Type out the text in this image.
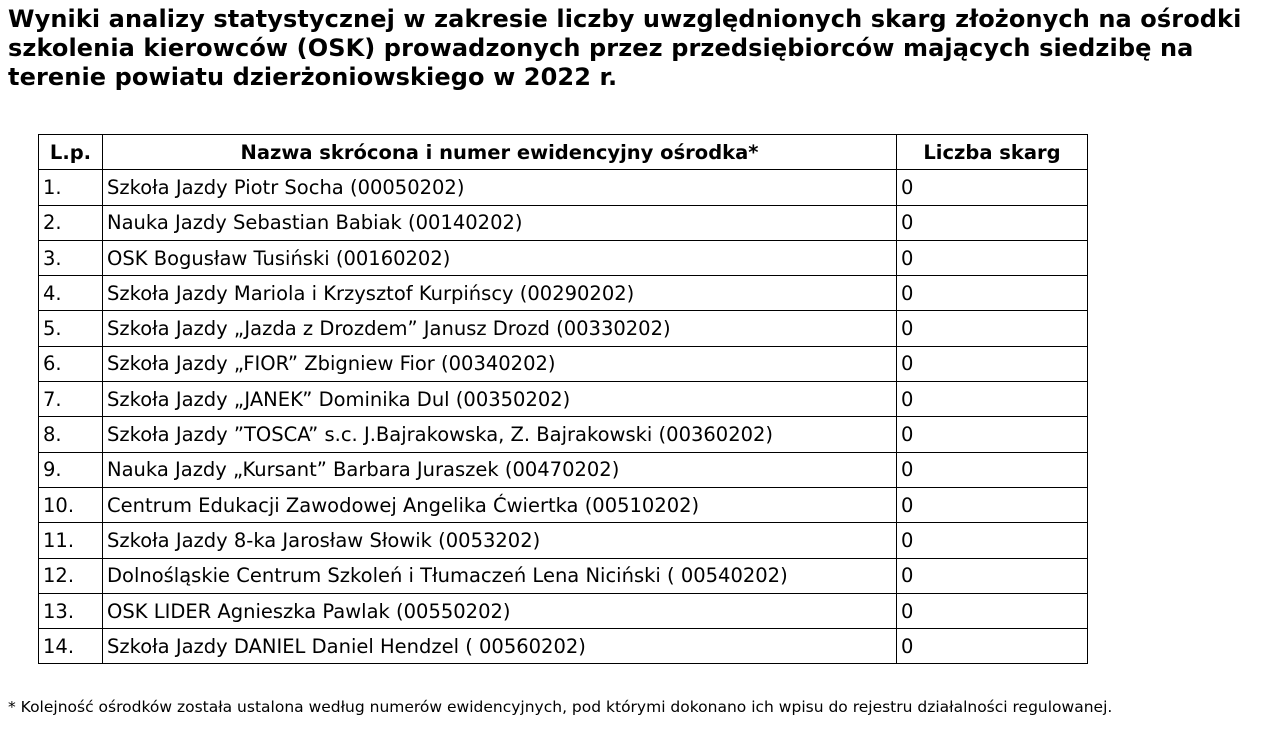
Wyniki analizy statystycznej w zakresie liczby uwzględnionych skarg złożonych na ośrodki szkolenia kierowców (OSK) prowadzonych przez przedsiębiorców mających siedzibę na terenie powiatu dzierżoniowskiego w 2022 r.
L.p.	Nazwa skrócona i numer ewidencyjny ośrodka*	Liczba skarg
1.	Szkoła Jazdy Piotr Socha (00050202)	0
2.	Nauka Jazdy Sebastian Babiak (00140202)	0
3.	OSK Bogusław Tusiński (00160202)	0
4.	Szkoła Jazdy Mariola i Krzysztof Kurpińscy (00290202)	0
5.	Szkoła Jazdy „Jazda z Drozdem” Janusz Drozd (00330202)	0
6.	Szkoła Jazdy „FIOR” Zbigniew Fior (00340202)	0
7.	Szkoła Jazdy „JANEK” Dominika Dul (00350202)	0
8.	Szkoła Jazdy ”TOSCA” s.c. J.Bajrakowska, Z. Bajrakowski (00360202)	0
9.	Nauka Jazdy „Kursant” Barbara Juraszek (00470202)	0
10.	Centrum Edukacji Zawodowej Angelika Ćwiertka (00510202)	0
11.	Szkoła Jazdy 8-ka Jarosław Słowik (0053202)	0
12.	Dolnośląskie Centrum Szkoleń i Tłumaczeń Lena Niciński ( 00540202)	0
13.	OSK LIDER Agnieszka Pawlak (00550202)	0
14.	Szkoła Jazdy DANIEL Daniel Hendzel ( 00560202)	0

* Kolejność ośrodków została ustalona według numerów ewidencyjnych, pod którymi dokonano ich wpisu do rejestru działalności regulowanej.
